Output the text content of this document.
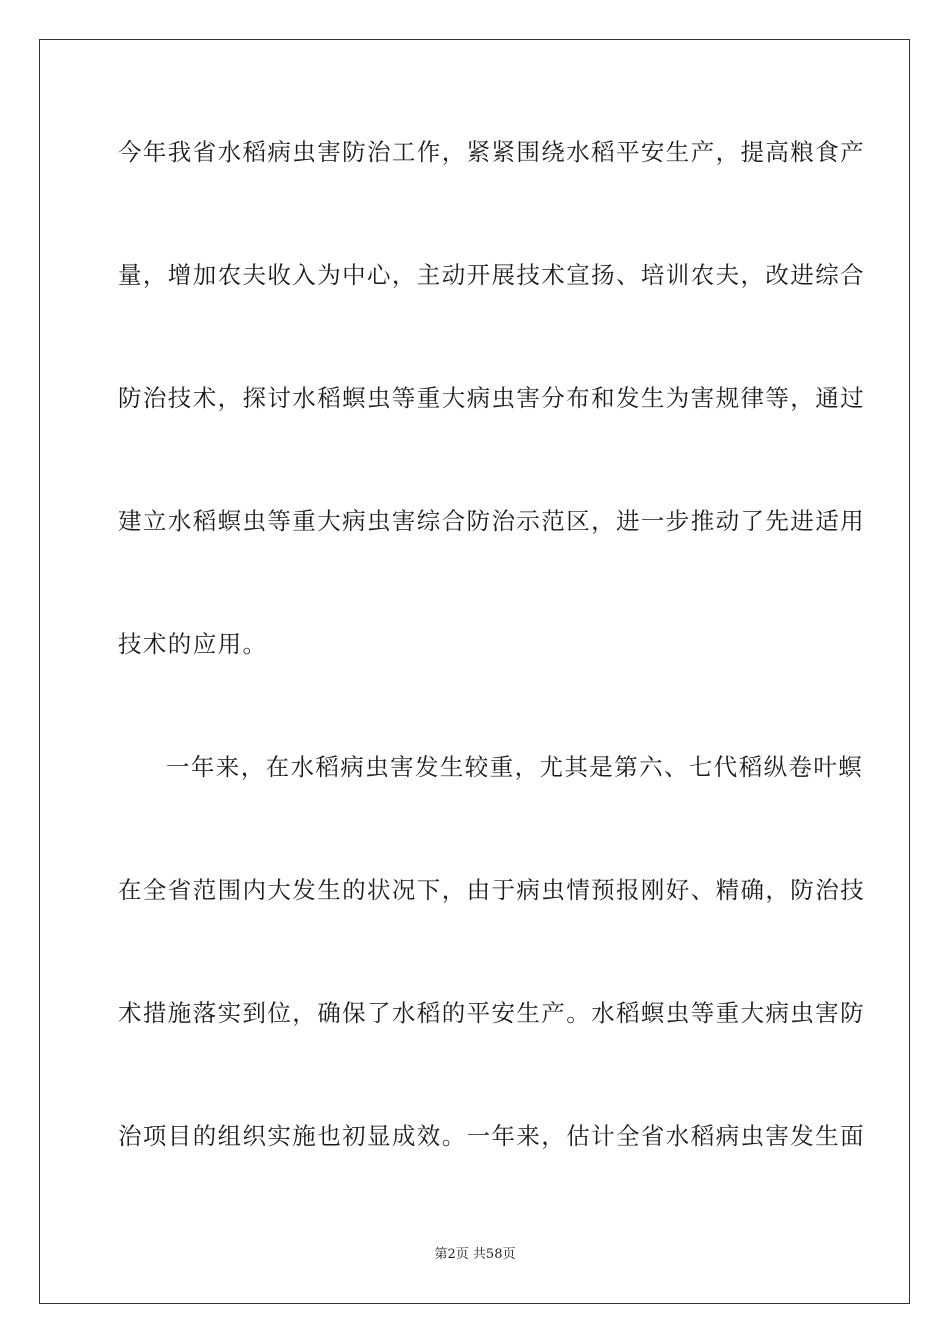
今年我省水稻病虫害防治工作，紧紧围绕水稻平安生产，提高粮食产
量，增加农夫收入为中心，主动开展技术宣扬、培训农夫，改进综合
防治技术，探讨水稻螟虫等重大病虫害分布和发生为害规律等，通过
建立水稻螟虫等重大病虫害综合防治示范区，进一步推动了先进适用
技术的应用。
一年来，在水稻病虫害发生较重，尤其是第六、七代稻纵卷叶螟
在全省范围内大发生的状况下，由于病虫情预报刚好、精确，防治技
术措施落实到位，确保了水稻的平安生产。水稻螟虫等重大病虫害防
治项目的组织实施也初显成效。一年来，估计全省水稻病虫害发生面
第2页 共58页
